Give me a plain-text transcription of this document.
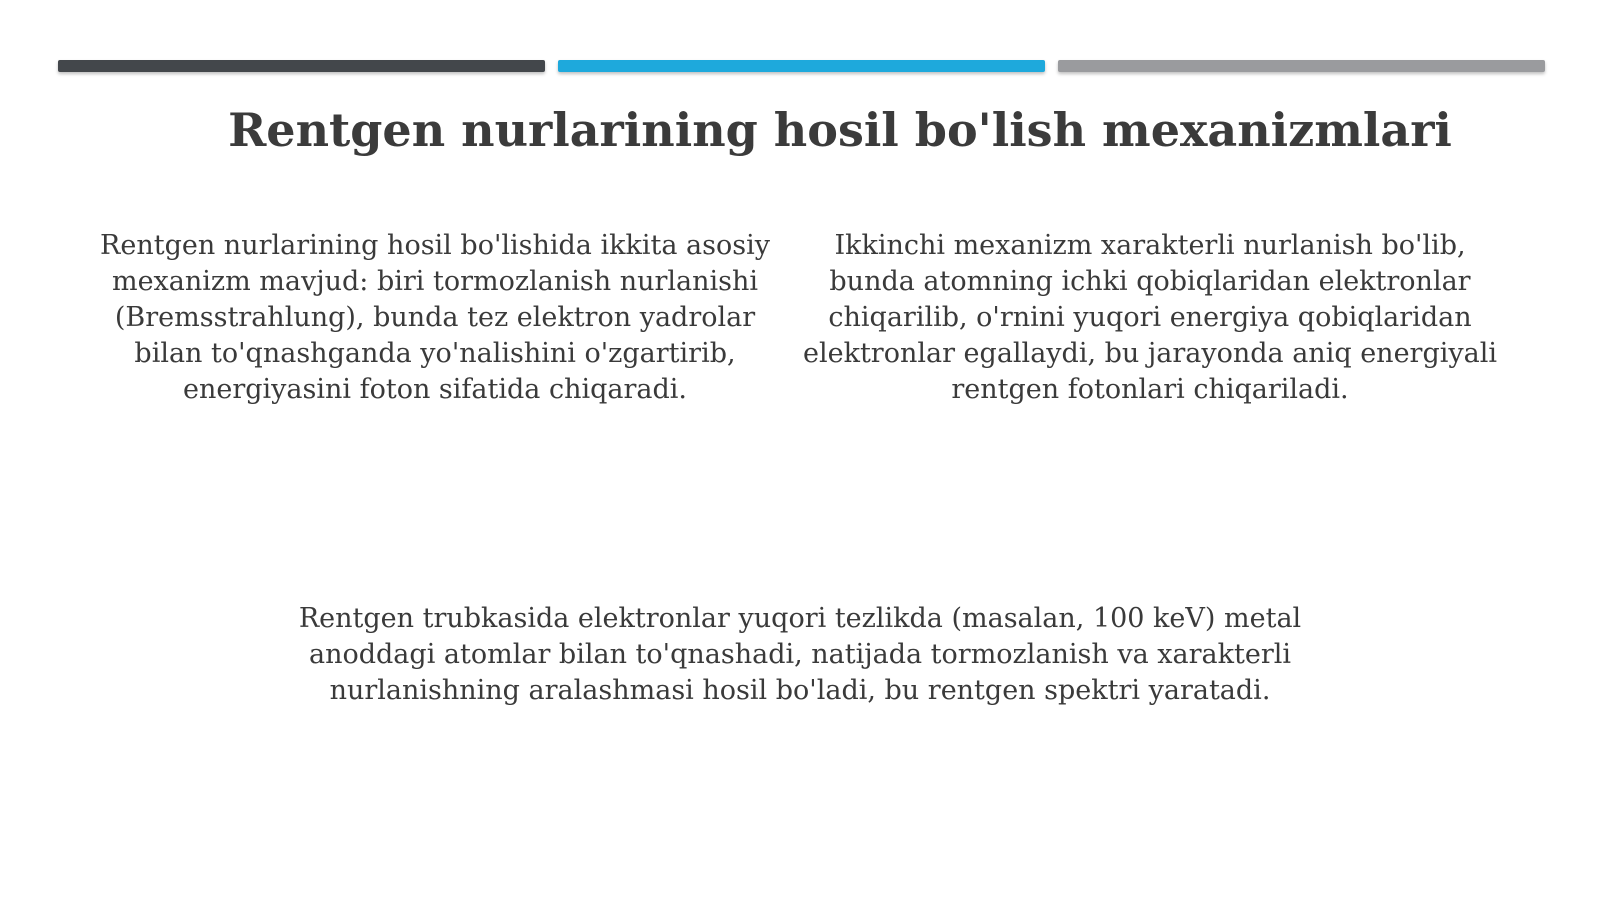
Rentgen nurlarining hosil bo'lish mexanizmlari

Rentgen nurlarining hosil bo'lishida ikkita asosiy mexanizm mavjud: biri tormozlanish nurlanishi (Bremsstrahlung), bunda tez elektron yadrolar bilan to'qnashganda yo'nalishini o'zgartirib, energiyasini foton sifatida chiqaradi.

Ikkinchi mexanizm xarakterli nurlanish bo'lib, bunda atomning ichki qobiqlaridan elektronlar chiqarilib, o'rnini yuqori energiya qobiqlaridan elektronlar egallaydi, bu jarayonda aniq energiyali rentgen fotonlari chiqariladi.

Rentgen trubkasida elektronlar yuqori tezlikda (masalan, 100 keV) metal anoddagi atomlar bilan to'qnashadi, natijada tormozlanish va xarakterli nurlanishning aralashmasi hosil bo'ladi, bu rentgen spektri yaratadi.
